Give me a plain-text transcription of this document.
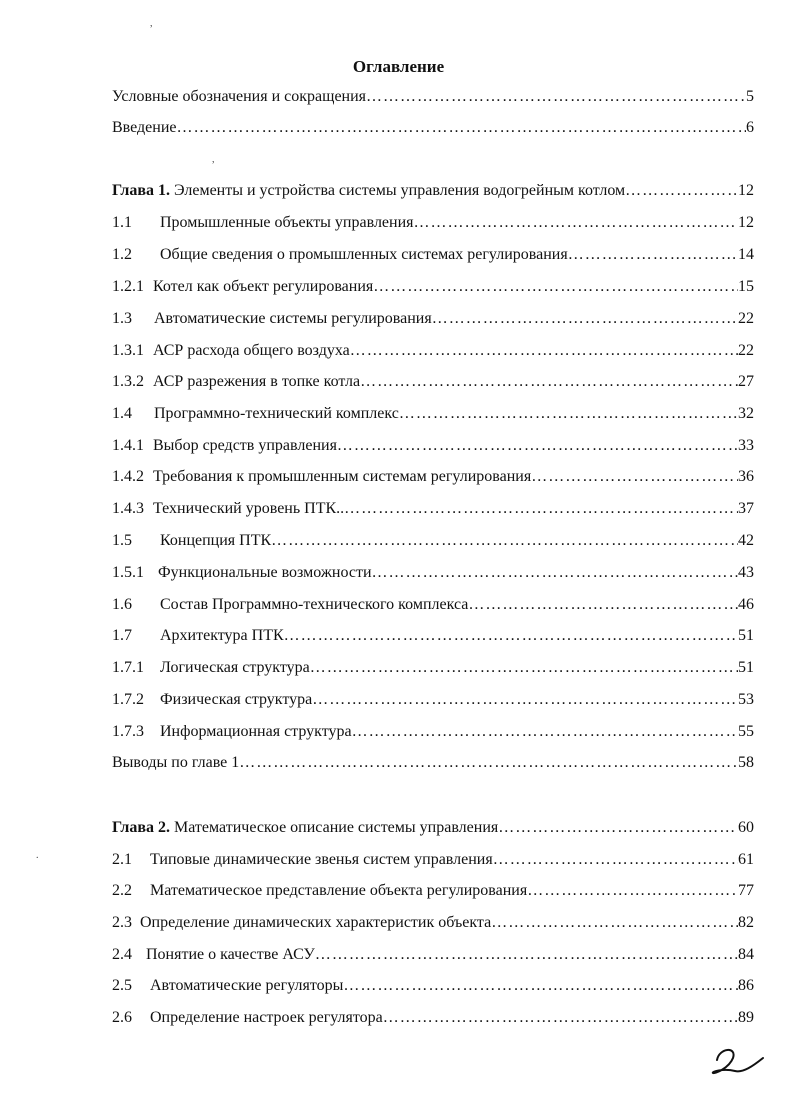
Оглавление
Условные обозначения и сокращения ……………………………………………………………………………………………………………………………………	5
Введение ……………………………………………………………………………………………………………………………………	6
Глава 1. Элементы и устройства системы управления водогрейным котлом ……………………………………………………………………………………………………………………………………	12
1.1 Промышленные объекты управления ……………………………………………………………………………………………………………………………………	12
1.2 Общие сведения о промышленных системах регулирования ……………………………………………………………………………………………………………………………………	14
1.2.1 Котел как объект регулирования ……………………………………………………………………………………………………………………………………	15
1.3 Автоматические системы регулирования ……………………………………………………………………………………………………………………………………	22
1.3.1 АСР расхода общего воздуха ……………………………………………………………………………………………………………………………………	22
1.3.2 АСР разрежения в топке котла ……………………………………………………………………………………………………………………………………	27
1.4 Программно-технический комплекс ……………………………………………………………………………………………………………………………………	32
1.4.1 Выбор средств управления ……………………………………………………………………………………………………………………………………	33
1.4.2 Требования к промышленным системам регулирования ……………………………………………………………………………………………………………………………………	36
1.4.3 Технический уровень ПТК.. ……………………………………………………………………………………………………………………………………	37
1.5 Концепция ПТК ……………………………………………………………………………………………………………………………………	42
1.5.1 Функциональные возможности ……………………………………………………………………………………………………………………………………	43
1.6 Состав Программно-технического комплекса ……………………………………………………………………………………………………………………………………	46
1.7 Архитектура ПТК ……………………………………………………………………………………………………………………………………	51
1.7.1 Логическая структура ……………………………………………………………………………………………………………………………………	51
1.7.2 Физическая структура ……………………………………………………………………………………………………………………………………	53
1.7.3 Информационная структура ……………………………………………………………………………………………………………………………………	55
Выводы по главе 1 ……………………………………………………………………………………………………………………………………	58
Глава 2. Математическое описание системы управления ……………………………………………………………………………………………………………………………………	60
2.1 Типовые динамические звенья систем управления ……………………………………………………………………………………………………………………………………	61
2.2 Математическое представление объекта регулирования ……………………………………………………………………………………………………………………………………	77
2.3 Определение динамических характеристик объекта ……………………………………………………………………………………………………………………………………	82
2.4 Понятие о качестве АСУ ……………………………………………………………………………………………………………………………………	84
2.5 Автоматические регуляторы ……………………………………………………………………………………………………………………………………	86
2.6 Определение настроек регулятора ……………………………………………………………………………………………………………………………………	89
,
,
.
